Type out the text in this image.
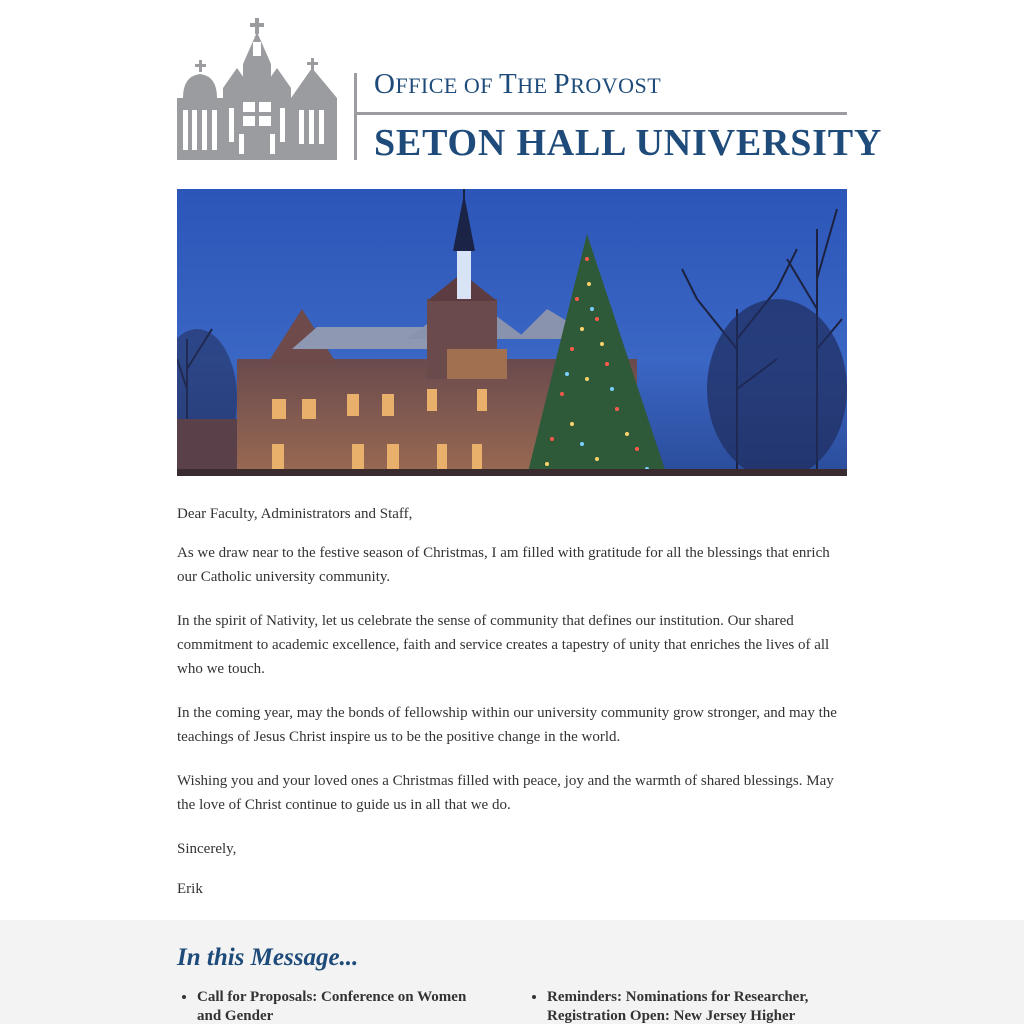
OFFICE OF THE PROVOST
SETON HALL UNIVERSITY

Dear Faculty, Administrators and Staff,

As we draw near to the festive season of Christmas, I am filled with gratitude for all the blessings that enrich our Catholic university community.

In the spirit of Nativity, let us celebrate the sense of community that defines our institution. Our shared commitment to academic excellence, faith and service creates a tapestry of unity that enriches the lives of all who we touch.

In the coming year, may the bonds of fellowship within our university community grow stronger, and may the teachings of Jesus Christ inspire us to be the positive change in the world.

Wishing you and your loved ones a Christmas filled with peace, joy and the warmth of shared blessings. May the love of Christ continue to guide us in all that we do.

Sincerely,

Erik

In this Message...
• Call for Proposals: Conference on Women and Gender
• Reminders: Nominations for Researcher, Registration Open: New Jersey Higher
